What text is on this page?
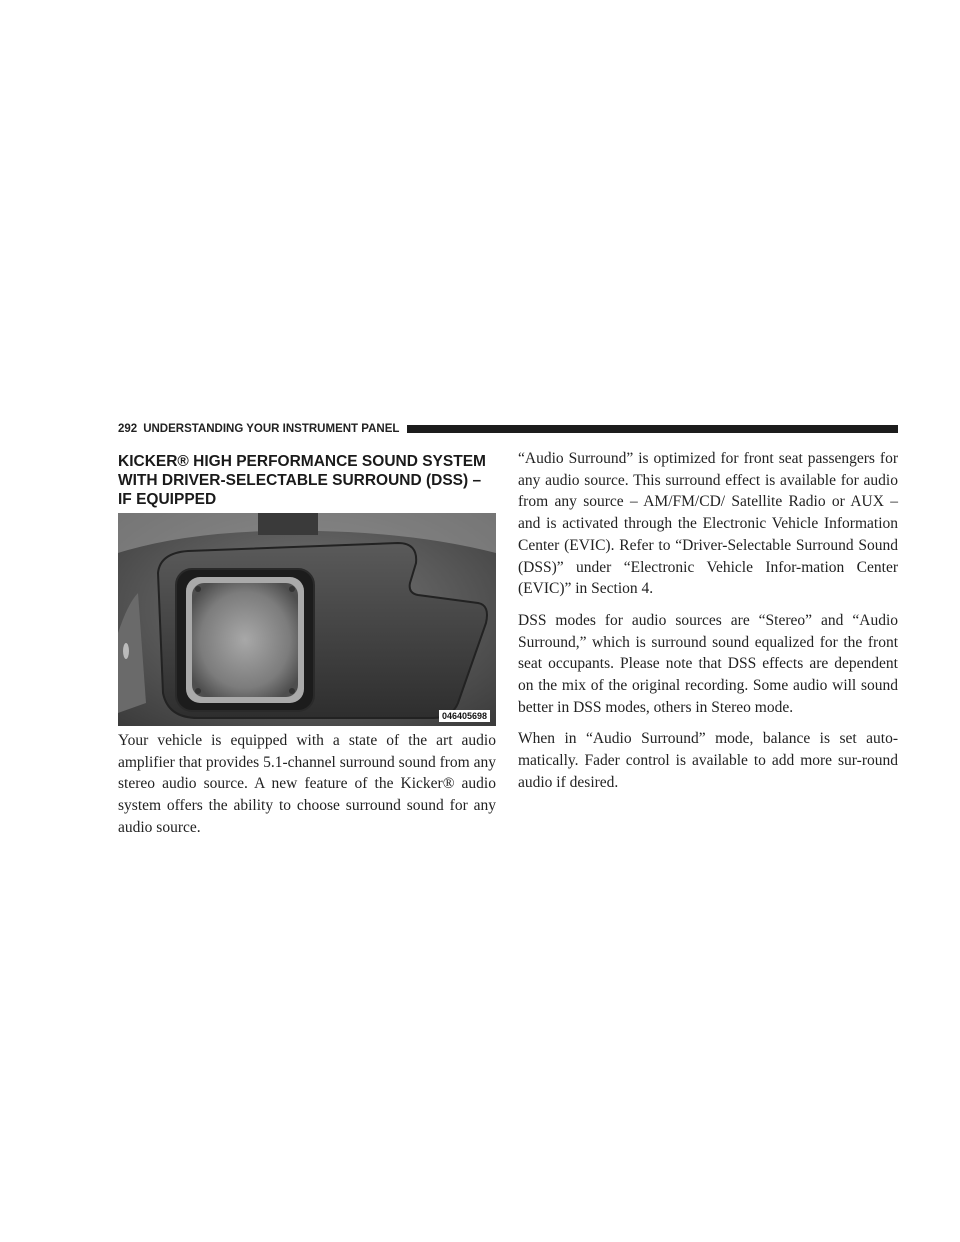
292 UNDERSTANDING YOUR INSTRUMENT PANEL
KICKER® HIGH PERFORMANCE SOUND SYSTEM WITH DRIVER-SELECTABLE SURROUND (DSS) – IF EQUIPPED
046405698

Your vehicle is equipped with a state of the art audio amplifier that provides 5.1-channel surround sound from any stereo audio source. A new feature of the Kicker® audio system offers the ability to choose surround sound for any audio source.

“Audio Surround” is optimized for front seat passengers for any audio source. This surround effect is available for audio from any source – AM/FM/CD/ Satellite Radio or AUX – and is activated through the Electronic Vehicle Information Center (EVIC). Refer to “Driver-Selectable Surround Sound (DSS)” under “Electronic Vehicle Infor-mation Center (EVIC)” in Section 4.

DSS modes for audio sources are “Stereo” and “Audio Surround,” which is surround sound equalized for the front seat occupants. Please note that DSS effects are dependent on the mix of the original recording. Some audio will sound better in DSS modes, others in Stereo mode.

When in “Audio Surround” mode, balance is set auto-matically. Fader control is available to add more sur-round audio if desired.
